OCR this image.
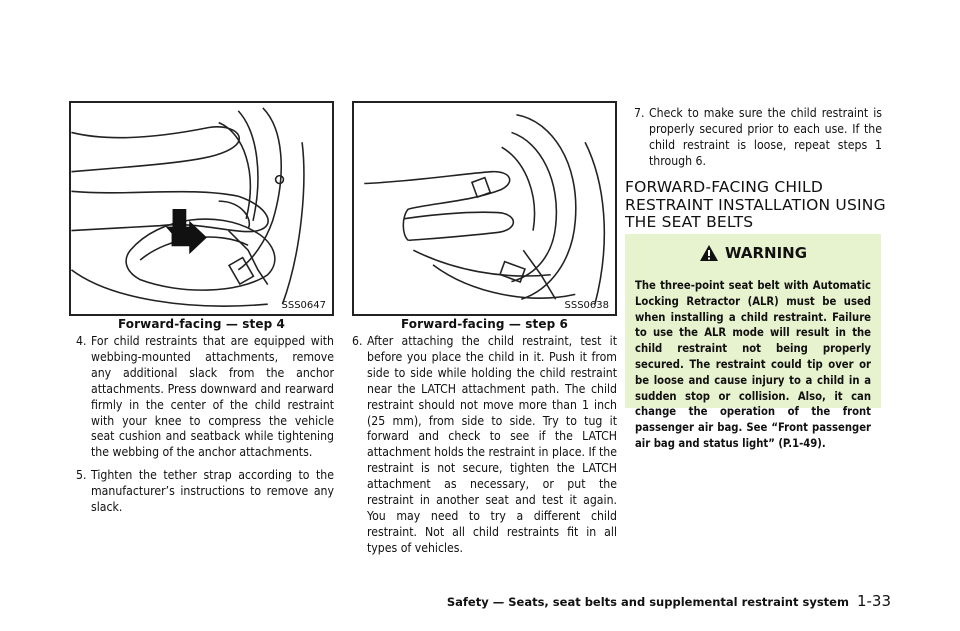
SSS0647
Forward-facing — step 4
SSS0638
Forward-facing — step 6
4. For child restraints that are equipped with webbing-mounted attachments, remove any additional slack from the anchor attachments. Press downward and rearward firmly in the center of the child restraint with your knee to compress the vehicle seat cushion and seatback while tightening the webbing of the anchor attachments.
5. Tighten the tether strap according to the manufacturer’s instructions to remove any slack.
6. After attaching the child restraint, test it before you place the child in it. Push it from side to side while holding the child restraint near the LATCH attachment path. The child restraint should not move more than 1 inch (25 mm), from side to side. Try to tug it forward and check to see if the LATCH attachment holds the restraint in place. If the restraint is not secure, tighten the LATCH attachment as necessary, or put the restraint in another seat and test it again. You may need to try a different child restraint. Not all child restraints fit in all types of vehicles.
7. Check to make sure the child restraint is properly secured prior to each use. If the child restraint is loose, repeat steps 1 through 6.
FORWARD-FACING CHILD RESTRAINT INSTALLATION USING THE SEAT BELTS
WARNING
The three-point seat belt with Automatic Locking Retractor (ALR) must be used when installing a child restraint. Failure to use the ALR mode will result in the child restraint not being properly secured. The restraint could tip over or be loose and cause injury to a child in a sudden stop or collision. Also, it can change the operation of the front passenger air bag. See “Front passenger air bag and status light” (P.1-49).
Safety — Seats, seat belts and supplemental restraint system 1-33
